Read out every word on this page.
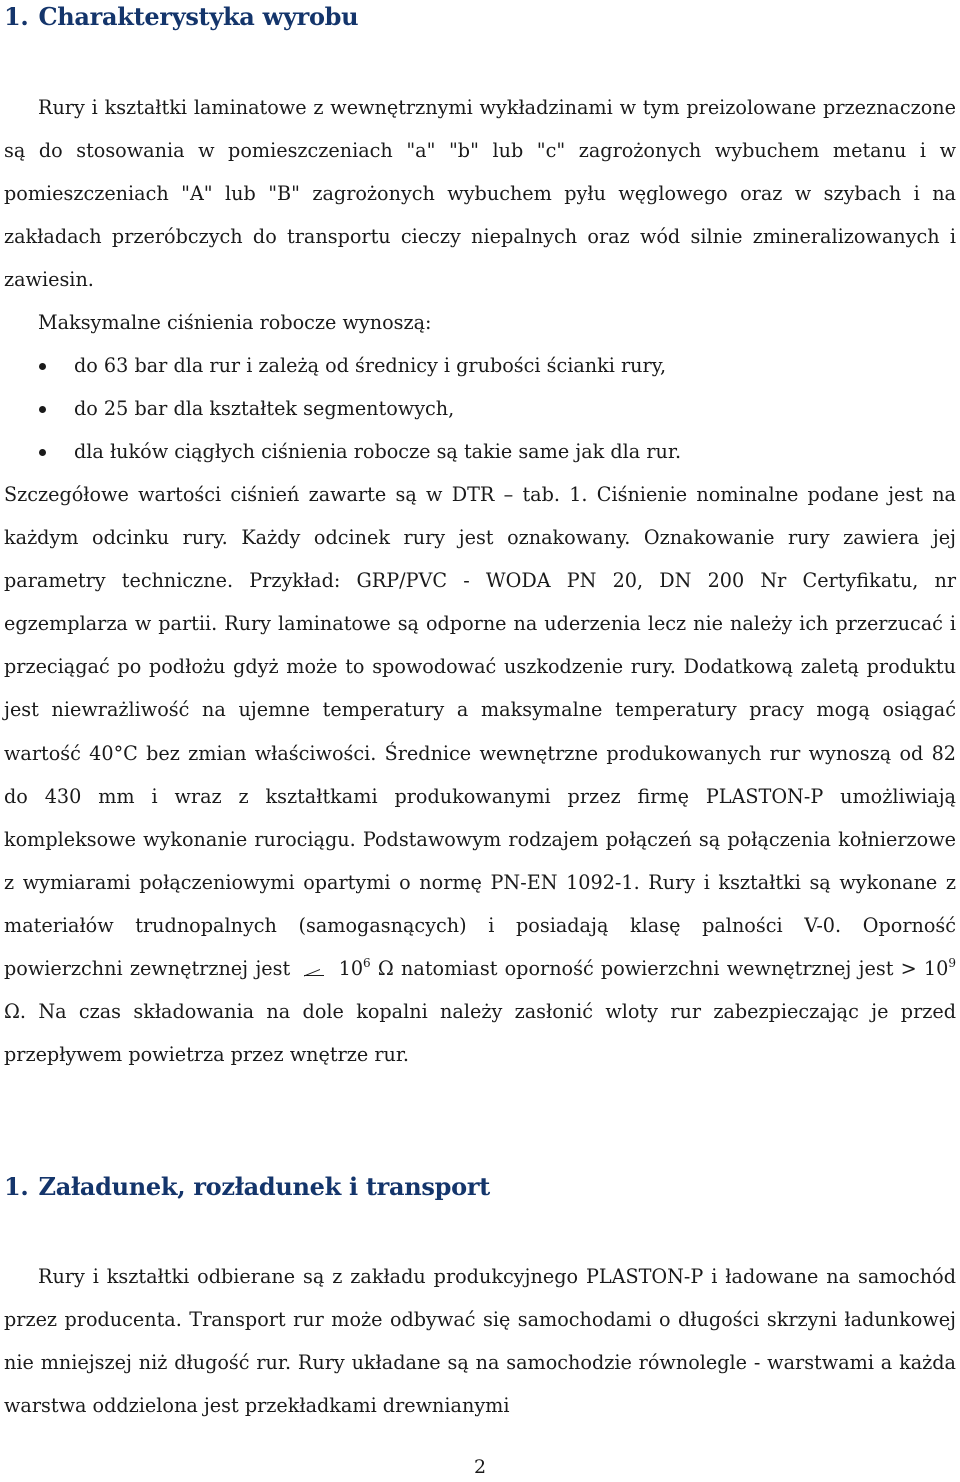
1. Charakterystyka wyrobu

Rury i kształtki laminatowe z wewnętrznymi wykładzinami w tym preizolowane przeznaczone są do stosowania w pomieszczeniach "a" "b" lub "c" zagrożonych wybuchem metanu i w pomieszczeniach "A" lub "B" zagrożonych wybuchem pyłu węglowego oraz w szybach i na zakładach przeróbczych do transportu cieczy niepalnych oraz wód silnie zmineralizowanych i zawiesin.

Maksymalne ciśnienia robocze wynoszą:

do 63 bar dla rur i zależą od średnicy i grubości ścianki rury,
do 25 bar dla kształtek segmentowych,
dla łuków ciągłych ciśnienia robocze są takie same jak dla rur.

Szczegółowe wartości ciśnień zawarte są w DTR – tab. 1. Ciśnienie nominalne podane jest na każdym odcinku rury. Każdy odcinek rury jest oznakowany. Oznakowanie rury zawiera jej parametry techniczne. Przykład: GRP/PVC - WODA PN 20, DN 200 Nr Certyfikatu, nr egzemplarza w partii. Rury laminatowe są odporne na uderzenia lecz nie należy ich przerzucać i przeciągać po podłożu gdyż może to spowodować uszkodzenie rury. Dodatkową zaletą produktu jest niewrażliwość na ujemne temperatury a maksymalne temperatury pracy mogą osiągać wartość 40°C bez zmian właściwości. Średnice wewnętrzne produkowanych rur wynoszą od 82 do 430 mm i wraz z kształtkami produkowanymi przez firmę PLASTON-P umożliwiają kompleksowe wykonanie rurociągu. Podstawowym rodzajem połączeń są połączenia kołnierzowe z wymiarami połączeniowymi opartymi o normę PN-EN 1092-1. Rury i kształtki są wykonane z materiałów trudnopalnych (samogasnących) i posiadają klasę palności V-0. Oporność powierzchni zewnętrznej jest	$10^6$ Ω natomiast oporność powierzchni wewnętrznej jest > $10^9$ Ω. Na czas składowania na dole kopalni należy zasłonić wloty rur zabezpieczając je przed przepływem powietrza przez wnętrze rur.

1. Załadunek, rozładunek i transport

Rury i kształtki odbierane są z zakładu produkcyjnego PLASTON-P i ładowane na samochód przez producenta. Transport rur może odbywać się samochodami o długości skrzyni ładunkowej nie mniejszej niż długość rur. Rury układane są na samochodzie równolegle - warstwami a każda warstwa oddzielona jest przekładkami drewnianymi

2
